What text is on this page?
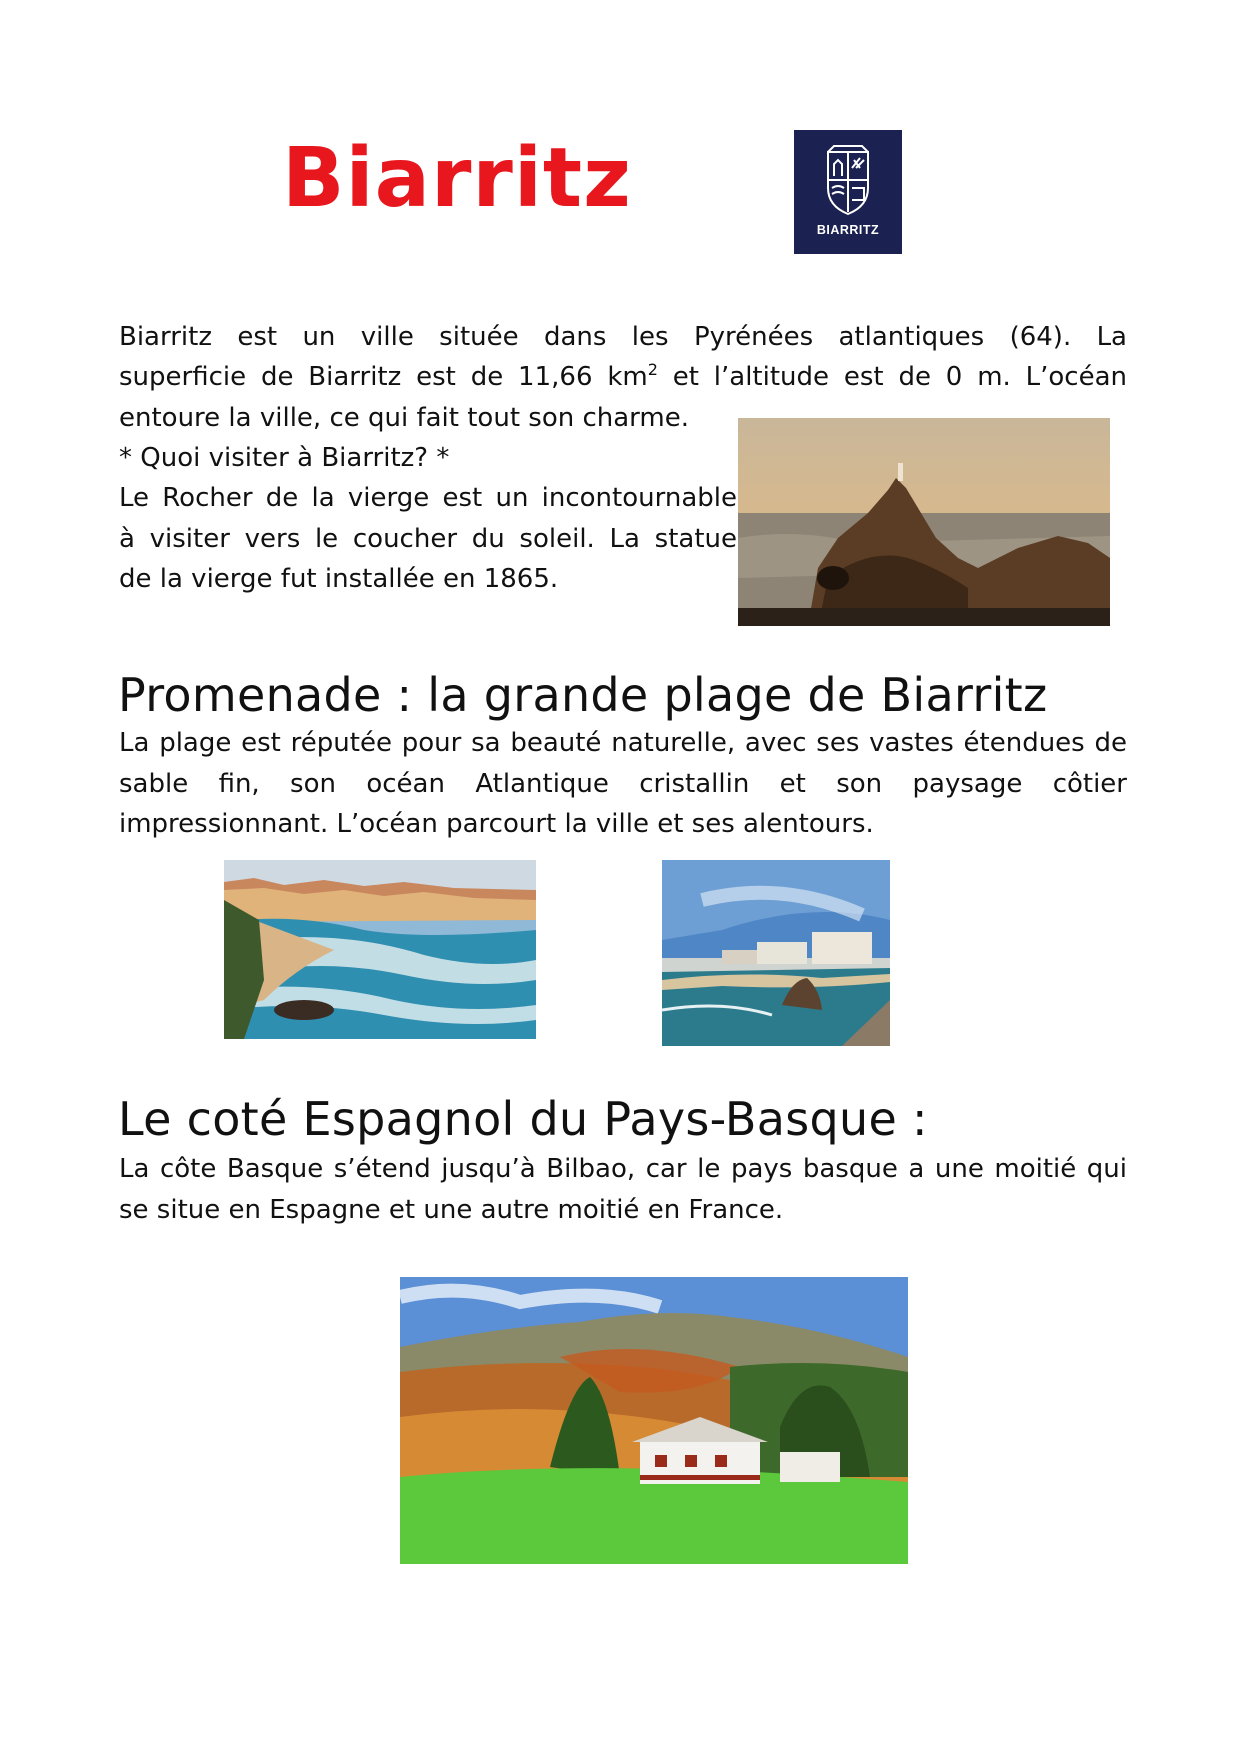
Biarritz
BIARRITZ

Biarritz est un ville située dans les Pyrénées atlantiques (64). La

superficie de Biarritz est de 11,66 $km^2$ et l’altitude est de 0 m. L’océan

entoure la ville, ce qui fait tout son charme.

* Quoi visiter à Biarritz? *

Le Rocher de la vierge est un incontournable
à visiter vers le coucher du soleil. La statue
de la vierge fut installée en 1865.

Promenade : la grande plage de Biarritz

La plage est réputée pour sa beauté naturelle, avec ses vastes étendues de sable fin, son océan Atlantique cristallin et son paysage côtier impressionnant. L’océan parcourt la ville et ses alentours.

Le coté Espagnol du Pays-Basque :

La côte Basque s’étend jusqu’à Bilbao, car le pays basque a une moitié qui se situe en Espagne et une autre moitié en France.
